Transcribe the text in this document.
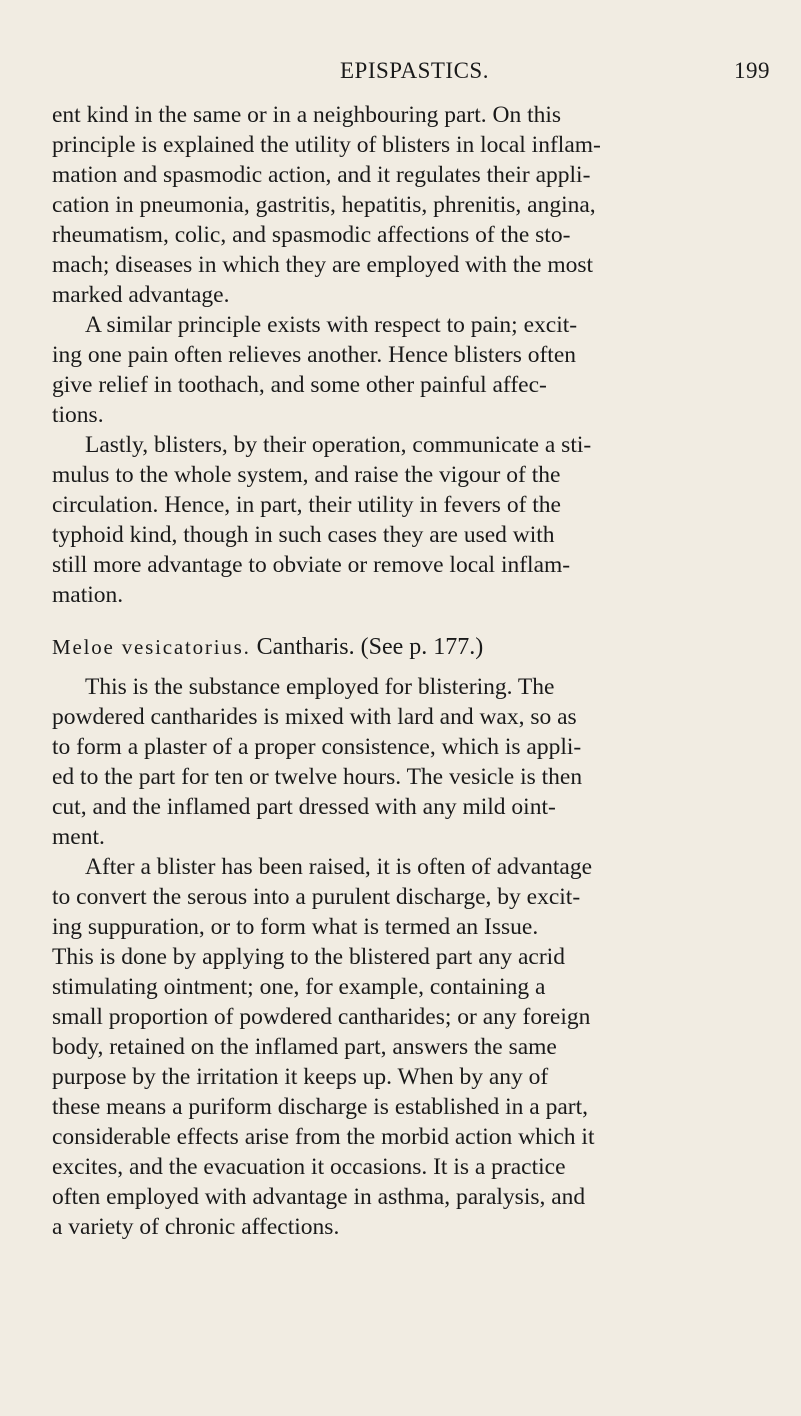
EPISPASTICS.	199
ent kind in the same or in a neighbouring part. On this
principle is explained the utility of blisters in local inflam-
mation and spasmodic action, and it regulates their appli-
cation in pneumonia, gastritis, hepatitis, phrenitis, angina,
rheumatism, colic, and spasmodic affections of the sto-
mach; diseases in which they are employed with the most
marked advantage.
A similar principle exists with respect to pain; excit-
ing one pain often relieves another. Hence blisters often
give relief in toothach, and some other painful affec-
tions.
Lastly, blisters, by their operation, communicate a sti-
mulus to the whole system, and raise the vigour of the
circulation. Hence, in part, their utility in fevers of the
typhoid kind, though in such cases they are used with
still more advantage to obviate or remove local inflam-
mation.
Meloe vesicatorius. Cantharis. (See p. 177.)
This is the substance employed for blistering. The
powdered cantharides is mixed with lard and wax, so as
to form a plaster of a proper consistence, which is appli-
ed to the part for ten or twelve hours. The vesicle is then
cut, and the inflamed part dressed with any mild oint-
ment.
After a blister has been raised, it is often of advantage
to convert the serous into a purulent discharge, by excit-
ing suppuration, or to form what is termed an Issue.
This is done by applying to the blistered part any acrid
stimulating ointment; one, for example, containing a
small proportion of powdered cantharides; or any foreign
body, retained on the inflamed part, answers the same
purpose by the irritation it keeps up. When by any of
these means a puriform discharge is established in a part,
considerable effects arise from the morbid action which it
excites, and the evacuation it occasions. It is a practice
often employed with advantage in asthma, paralysis, and
a variety of chronic affections.
